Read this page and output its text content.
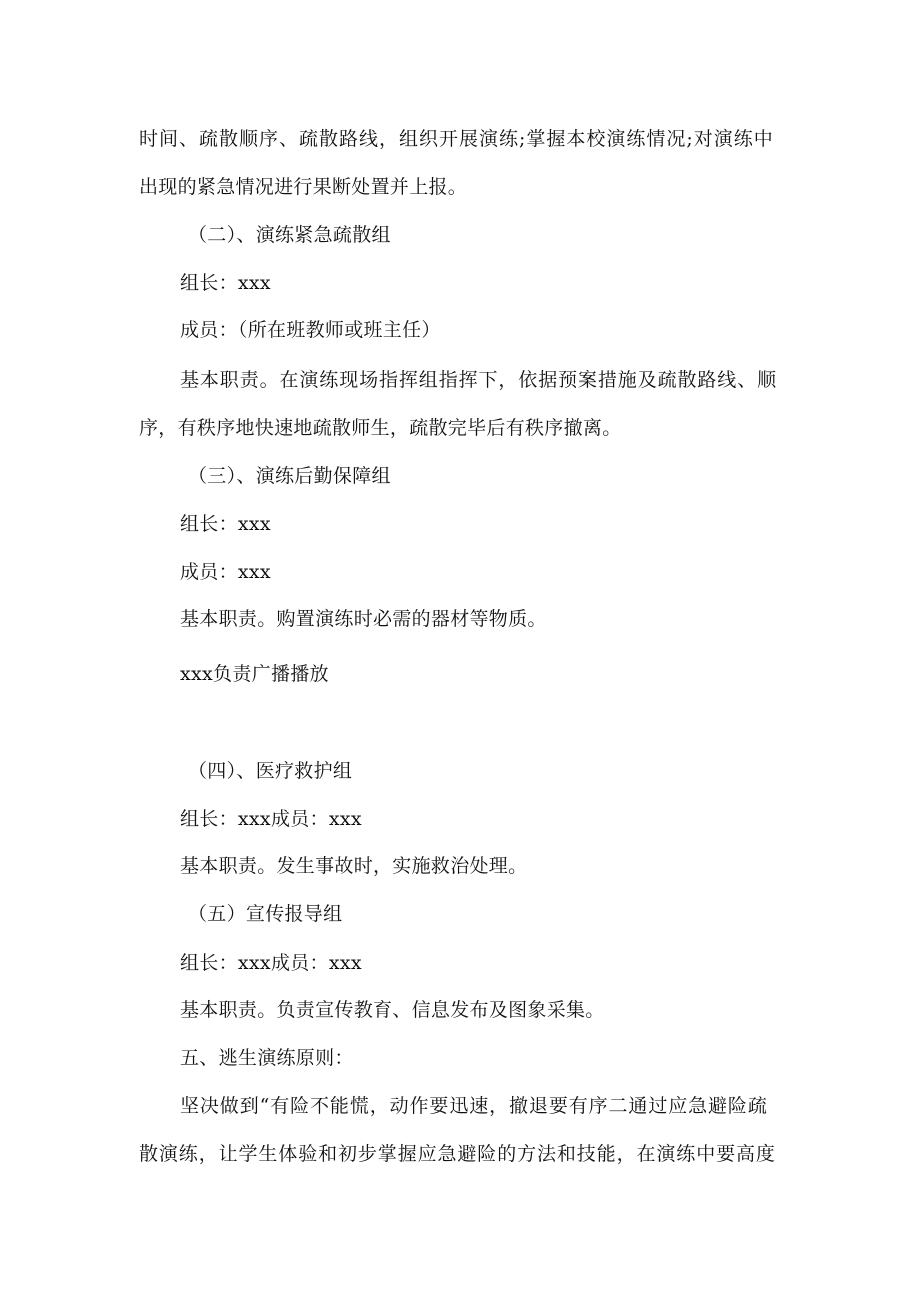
时间、疏散顺序、疏散路线，组织开展演练;掌握本校演练情况;对演练中
出现的紧急情况进行果断处置并上报。
（二）、演练紧急疏散组
组长：xxx
成员：（所在班教师或班主任）
基本职责。在演练现场指挥组指挥下，依据预案措施及疏散路线、顺
序，有秩序地快速地疏散师生，疏散完毕后有秩序撤离。
（三）、演练后勤保障组
组长：xxx
成员：xxx
基本职责。购置演练时必需的器材等物质。
xxx负责广播播放
（四）、医疗救护组
组长：xxx成员：xxx
基本职责。发生事故时，实施救治处理。
（五）宣传报导组
组长：xxx成员：xxx
基本职责。负责宣传教育、信息发布及图象采集。
五、逃生演练原则：
坚决做到“有险不能慌，动作要迅速，撤退要有序二通过应急避险疏
散演练，让学生体验和初步掌握应急避险的方法和技能，在演练中要高度
